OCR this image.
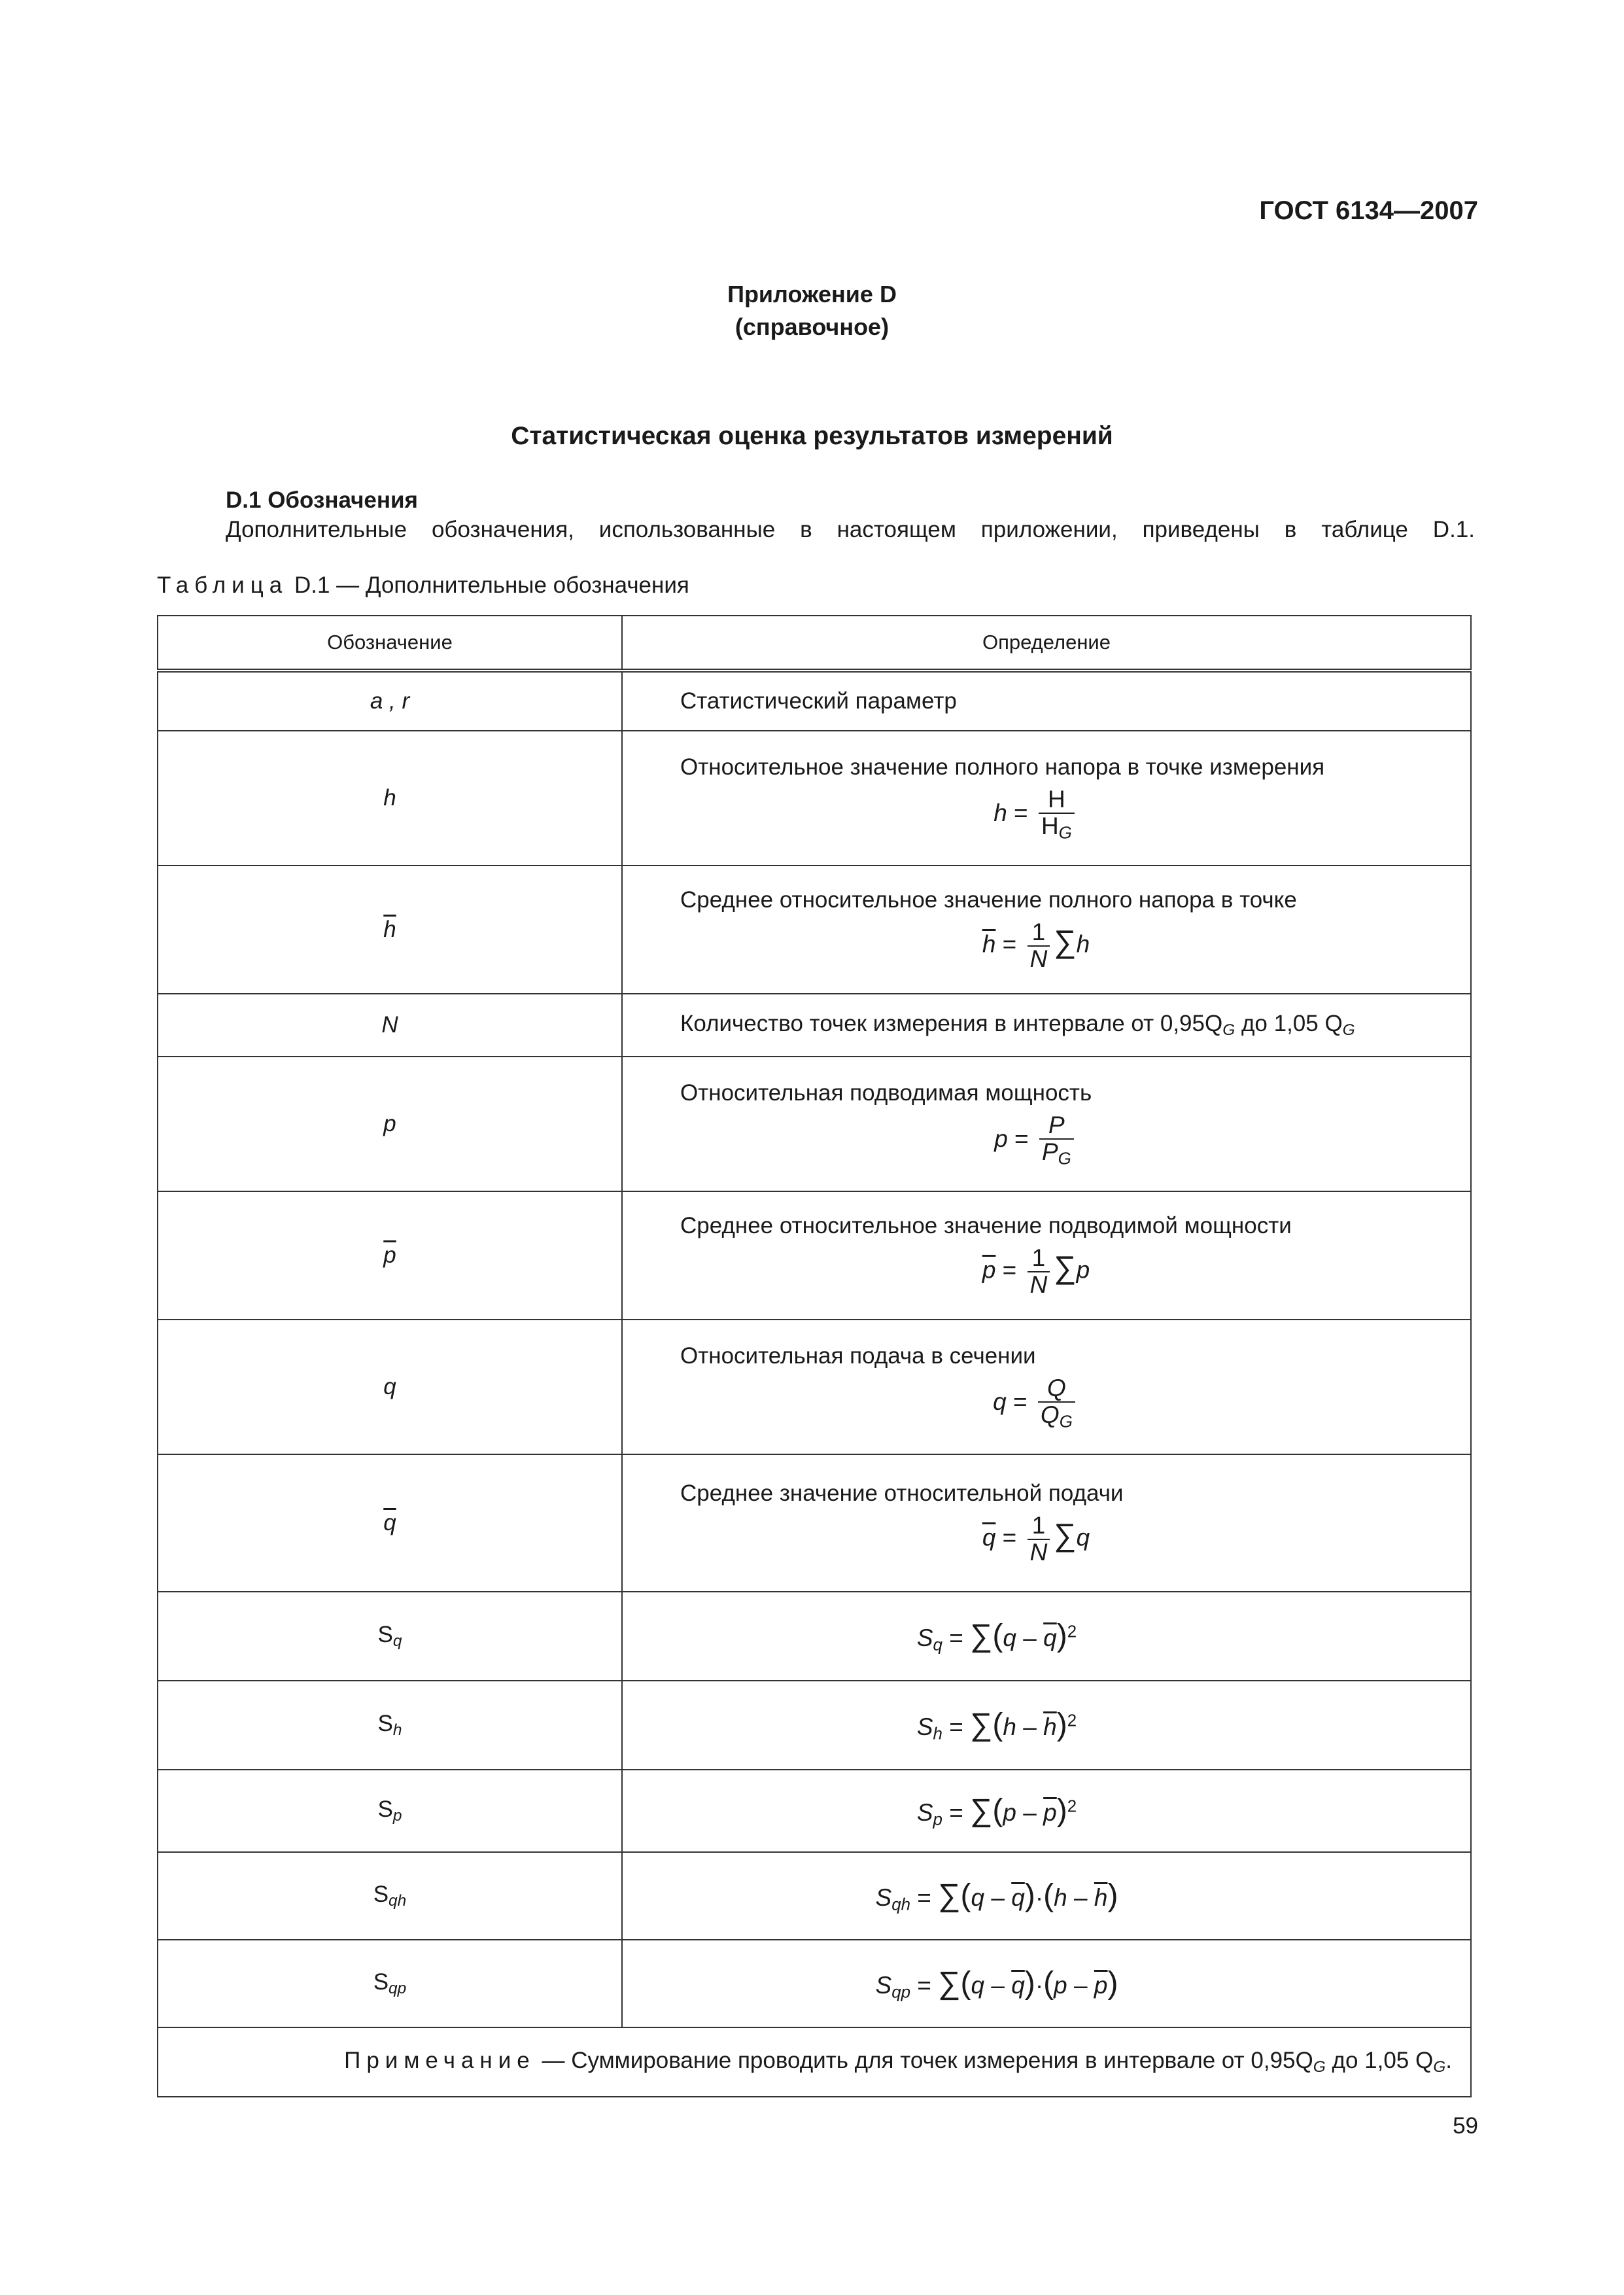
ГОСТ 6134—2007
Приложение D
(справочное)
Статистическая оценка результатов измерений
D.1 Обозначения
Дополнительные обозначения, использованные в настоящем приложении, приведены в таблице D.1.
Таблица D.1 — Дополнительные обозначения
Обозначение	Определение
a , r	Статистический параметр
h	Относительное значение полного напора в точке измерения
$h = \frac{H}{H_G}$

$\overline{h}$	Среднее относительное значение полного напора в точке
$\overline{h} = \frac{1}{N} \sum h$

N	Количество точек измерения в интервале от $0,95Q_G$ до 1,05 $Q_G$
p	Относительная подводимая мощность
$p = \frac{P}{P_G}$

$\overline{p}$	Среднее относительное значение подводимой мощности
$\overline{p} = \frac{1}{N} \sum p$

q	Относительная подача в сечении
$q = \frac{Q}{Q_G}$

$\overline{q}$	Среднее значение относительной подачи
$\overline{q} = \frac{1}{N} \sum q$

$S_q$	$S_q = \sum(q - \overline{q})^2$

$S_h$	$S_h = \sum(h - \overline{h})^2$

$S_p$	$S_p = \sum(p - \overline{p})^2$

$S_{qh}$	$S_{qh} = \sum(q - \overline{q})\cdot(h - \overline{h})$

$S_{qp}$	$S_{qp} = \sum(q - \overline{q})\cdot(p - \overline{p})$

Примечание — Суммирование проводить для точек измерения в интервале от $0,95Q_G$ до 1,05 $Q_G$.	
59
